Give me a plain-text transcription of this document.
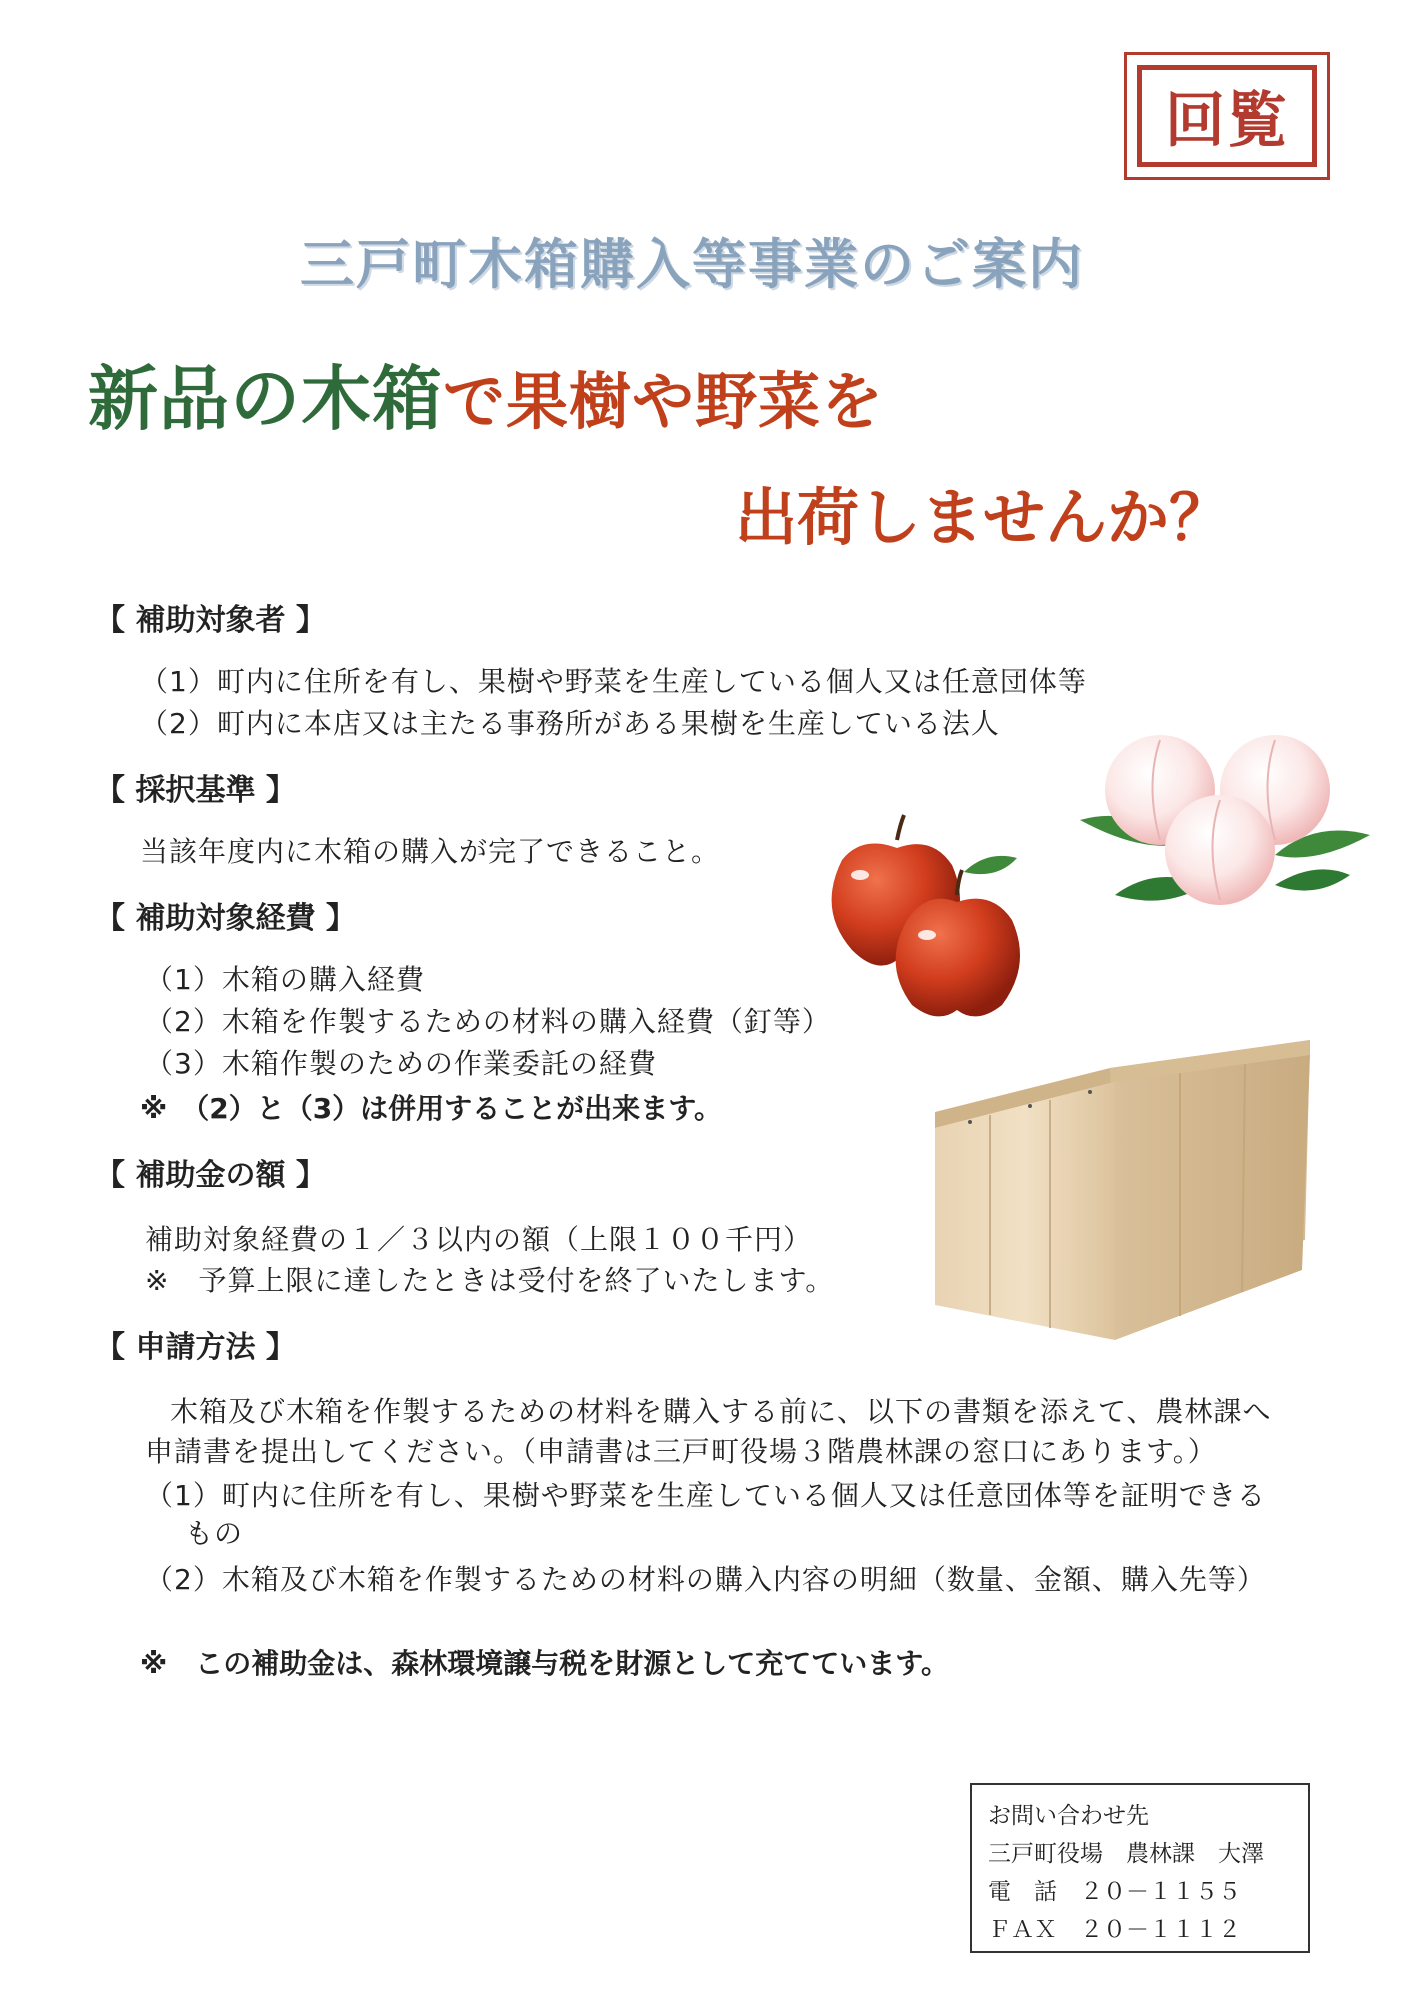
回覧
三戸町木箱購入等事業のご案内
新品の木箱で果樹や野菜を
出荷しませんか？
【 補助対象者 】
（1）町内に住所を有し、果樹や野菜を生産している個人又は任意団体等
（2）町内に本店又は主たる事務所がある果樹を生産している法人
【 採択基準 】
当該年度内に木箱の購入が完了できること。
【 補助対象経費 】
（1）木箱の購入経費
（2）木箱を作製するための材料の購入経費（釘等）
（3）木箱作製のための作業委託の経費
※　（2）と（3）は併用することが出来ます。
【 補助金の額 】
補助対象経費の１／３以内の額（上限１００千円）
※　予算上限に達したときは受付を終了いたします。
【 申請方法 】
木箱及び木箱を作製するための材料を購入する前に、以下の書類を添えて、農林課へ
申請書を提出してください。（申請書は三戸町役場３階農林課の窓口にあります。）
（1）町内に住所を有し、果樹や野菜を生産している個人又は任意団体等を証明できる
もの
（2）木箱及び木箱を作製するための材料の購入内容の明細（数量、金額、購入先等）
※　この補助金は、森林環境譲与税を財源として充てています。
お問い合わせ先
三戸町役場　農林課　大澤
電　話　２０－１１５５
ＦＡＸ　２０－１１１２
